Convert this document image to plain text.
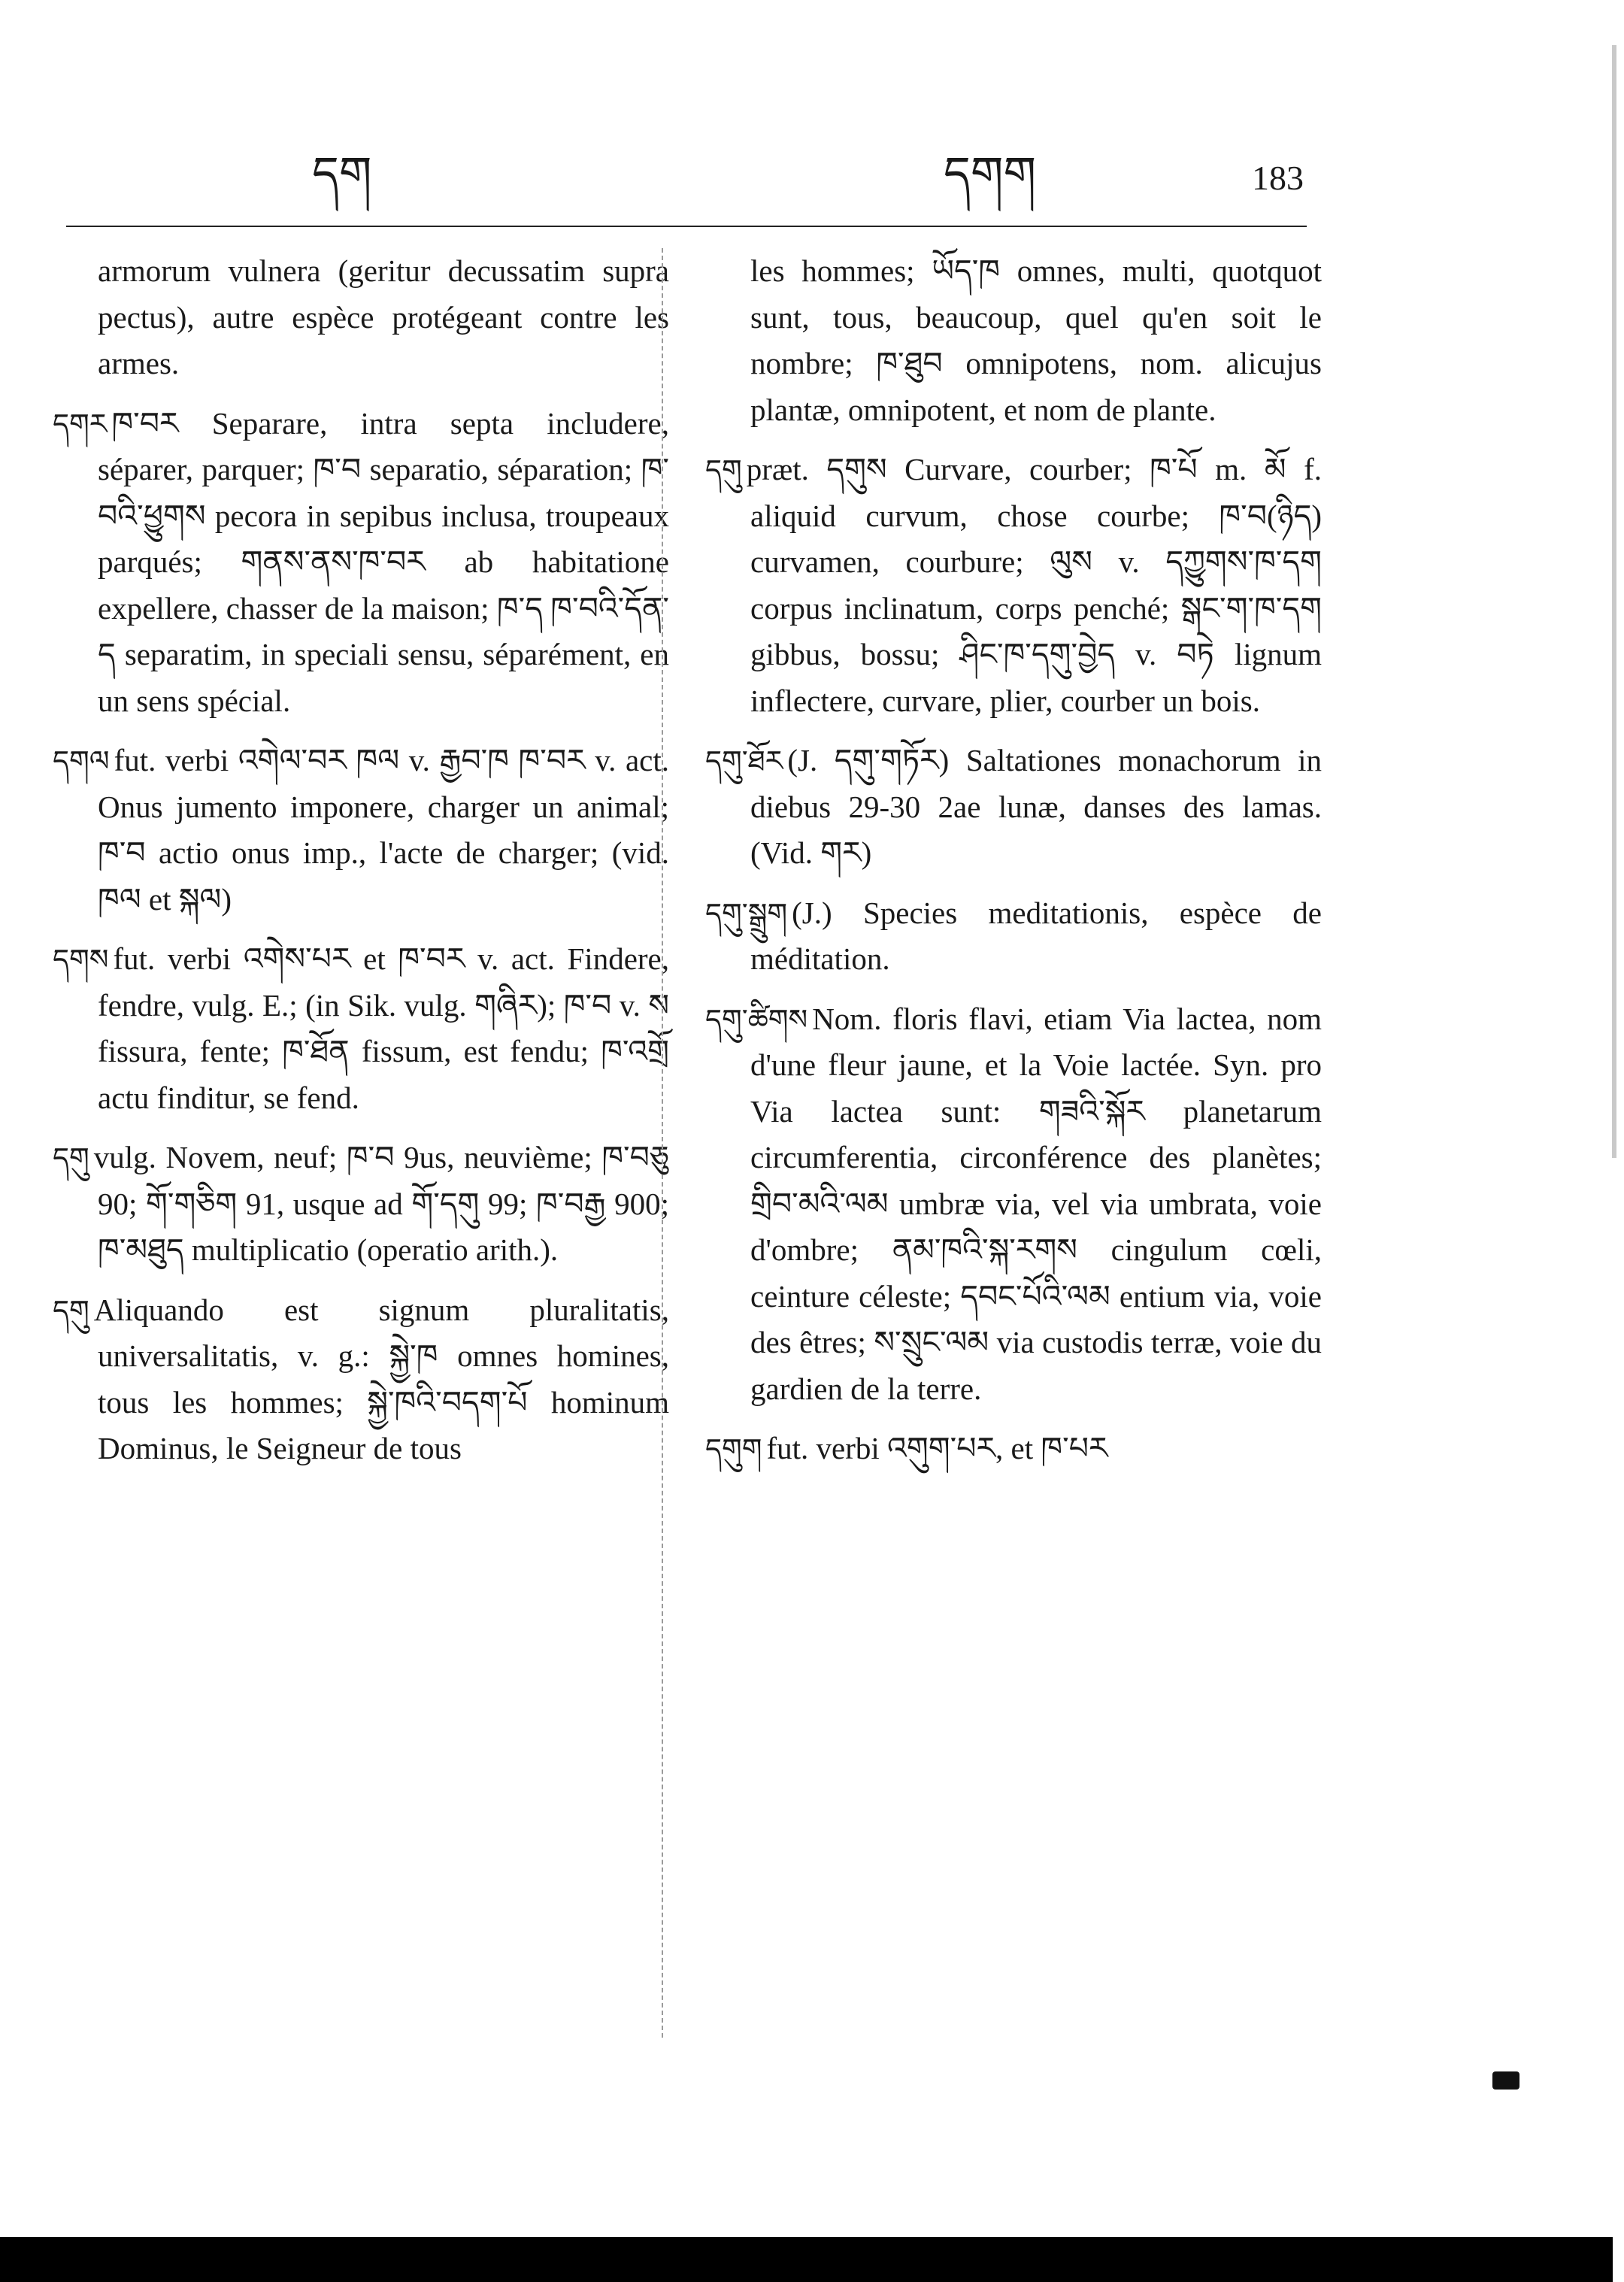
དག	དགག	183

armorum vulnera (geritur decussatim supra pectus), autre espèce protégeant contre les armes.

དགར ཁ་བར Separare, intra septa includere, séparer, parquer; ཁ་བ separatio, séparation; ཁ་བའི་ཕྱུགས pecora in sepibus inclusa, troupeaux parqués; གནས་ནས་ཁ་བར ab habitatione expellere, chasser de la maison; ཁ་ད ཁ་བའི་དོན་ད separatim, in speciali sensu, séparément, en un sens spécial.

དགལ fut. verbi འགེལ་བར ཁལ v. རྒྱབ་ཁ ཁ་བར v. act. Onus jumento imponere, charger un animal; ཁ་བ actio onus imp., l'acte de charger; (vid. ཁལ et སྐལ)

དགས fut. verbi འགེས་པར et ཁ་བར v. act. Findere, fendre, vulg. E.; (in Sik. vulg. གཞིར); ཁ་བ v. ས fissura, fente; ཁ་ཐོན fissum, est fendu; ཁ་འགྲོ actu finditur, se fend.

དགུ vulg. Novem, neuf; ཁ་བ 9us, neuvième; ཁ་བཅུ 90; གོ་གཅིག 91, usque ad གོ་དགུ 99; ཁ་བརྒྱ 900; ཁ་མཐུད multiplicatio (operatio arith.).

དགུ Aliquando est signum pluralitatis, universalitatis, v. g.: སྐྱེ་ཁ omnes homines, tous les hommes; སྐྱེ་ཁའི་བདག་པོ hominum Dominus, le Seigneur de tous

les hommes; ཡོད་ཁ omnes, multi, quotquot sunt, tous, beaucoup, quel qu'en soit le nombre; ཁ་ཐུབ omnipotens, nom. alicujus plantæ, omnipotent, et nom de plante.

དགུ præt. དགུས Curvare, courber; ཁ་པོ m. མོ f. aliquid curvum, chose courbe; ཁ་བ(ཉིད) curvamen, courbure; ལུས v. དཀྱུགས་ཁ་དག corpus inclinatum, corps penché; སྒང་ག་ཁ་དག gibbus, bossu; ཤིང་ཁ་དགུ་བྱེད v. བཏེ lignum inflectere, curvare, plier, courber un bois.

དགུ་ཐོར (J. དགུ་གཏོར) Saltationes monachorum in diebus 29-30 2ae lunæ, danses des lamas. (Vid. གར)

དགུ་སྒྲུག (J.) Species meditationis, espèce de méditation.

དགུ་ཚིགས Nom. floris flavi, etiam Via lactea, nom d'une fleur jaune, et la Voie lactée. Syn. pro Via lactea sunt: གཟའི་སྐོར planetarum circumferentia, circonférence des planètes; གྲིབ་མའི་ལམ umbræ via, vel via umbrata, voie d'ombre; ནམ་ཁའི་སྐ་རགས cingulum cœli, ceinture céleste; དབང་པོའི་ལམ entium via, voie des êtres; ས་སྲུང་ལམ via custodis terræ, voie du gardien de la terre.

དགུག fut. verbi འགུག་པར, et ཁ་པར
